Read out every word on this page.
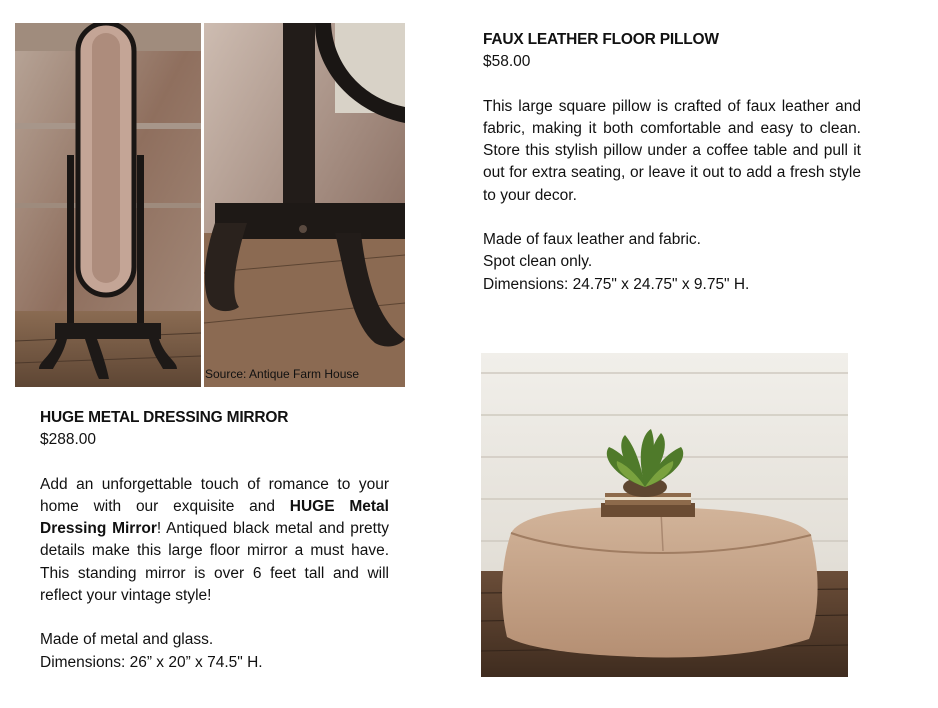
Source: Antique Farm House
FAUX LEATHER FLOOR PILLOW
$58.00
This large square pillow is crafted of faux leather and fabric, making it both comfortable and easy to clean. Store this stylish pillow under a coffee table and pull it out for extra seating, or leave it out to add a fresh style to your decor.
Made of faux leather and fabric.
Spot clean only.
Dimensions: 24.75" x 24.75" x 9.75" H.
HUGE METAL DRESSING MIRROR
$288.00
Add an unforgettable touch of romance to your home with our exquisite and HUGE Metal Dressing Mirror! Antiqued black metal and pretty details make this large floor mirror a must have. This standing mirror is over 6 feet tall and will reflect your vintage style!
Made of metal and glass.
Dimensions: 26” x 20” x 74.5" H.
